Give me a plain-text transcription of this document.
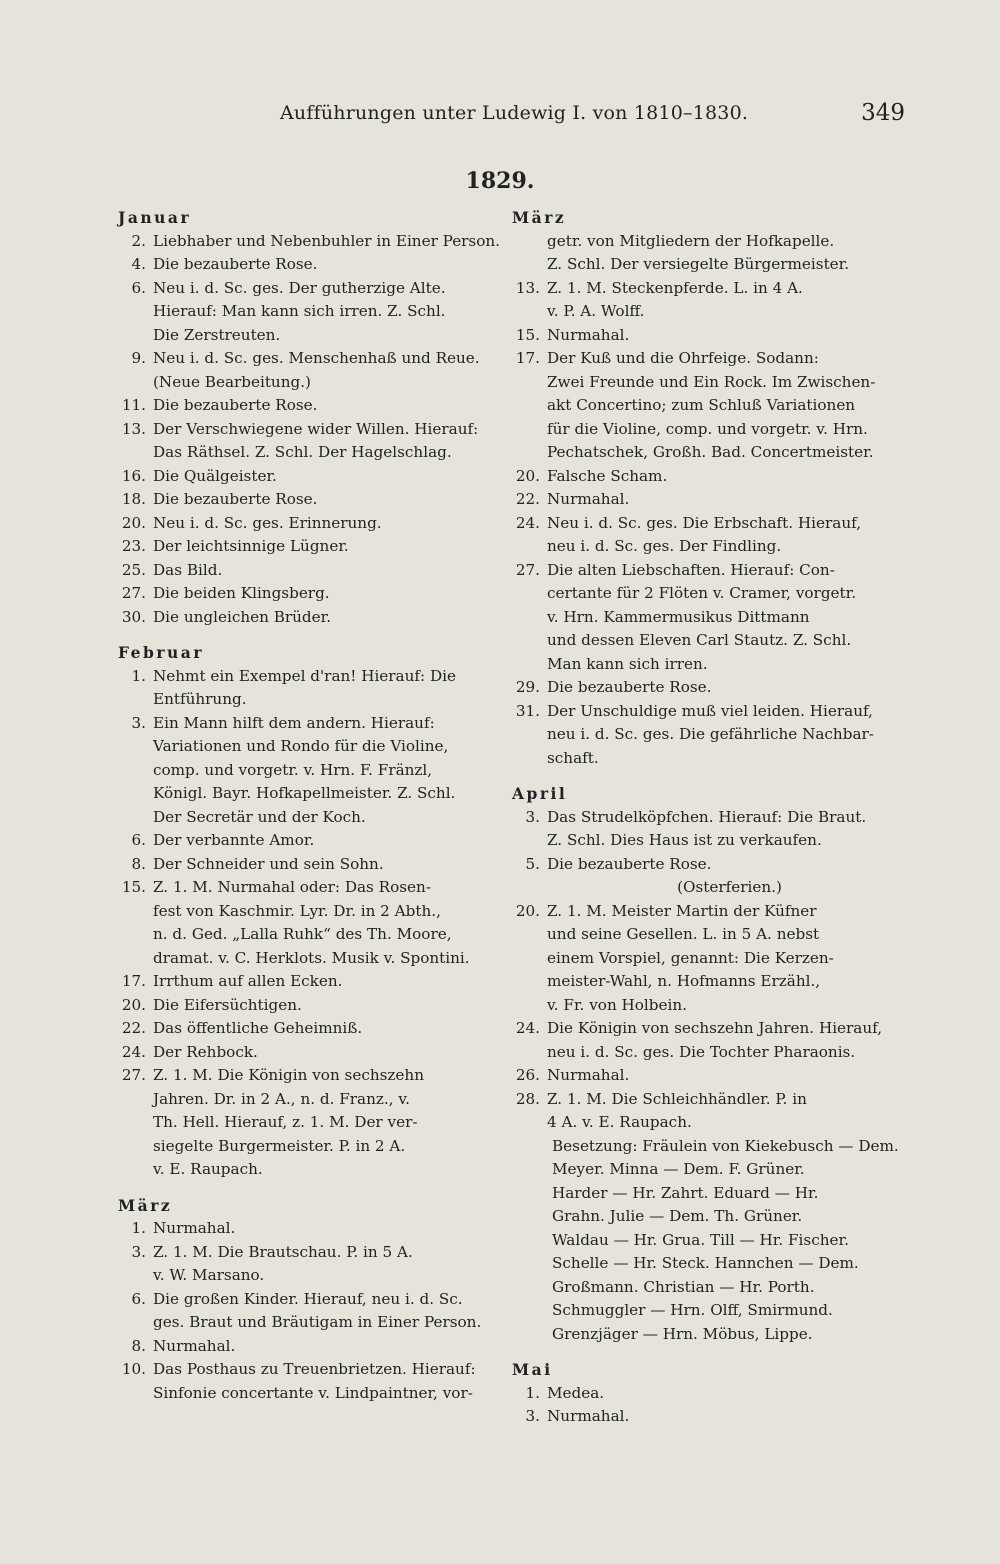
Aufführungen unter Ludewig I. von 1810–1830.	349
1829.
Januar
2. Liebhaber und Nebenbuhler in Einer Person.
4. Die bezauberte Rose.
6. Neu i. d. Sc. ges. Der gutherzige Alte.
Hierauf: Man kann sich irren. Z. Schl.
Die Zerstreuten.
9. Neu i. d. Sc. ges. Menschenhaß und Reue.
(Neue Bearbeitung.)
11. Die bezauberte Rose.
13. Der Verschwiegene wider Willen. Hierauf:
Das Räthsel. Z. Schl. Der Hagelschlag.
16. Die Quälgeister.
18. Die bezauberte Rose.
20. Neu i. d. Sc. ges. Erinnerung.
23. Der leichtsinnige Lügner.
25. Das Bild.
27. Die beiden Klingsberg.
30. Die ungleichen Brüder.
Februar
1. Nehmt ein Exempel d'ran! Hierauf: Die
Entführung.
3. Ein Mann hilft dem andern. Hierauf:
Variationen und Rondo für die Violine,
comp. und vorgetr. v. Hrn. F. Fränzl,
Königl. Bayr. Hofkapellmeister. Z. Schl.
Der Secretär und der Koch.
6. Der verbannte Amor.
8. Der Schneider und sein Sohn.
15. Z. 1. M. Nurmahal oder: Das Rosen-
fest von Kaschmir. Lyr. Dr. in 2 Abth.,
n. d. Ged. „Lalla Ruhk“ des Th. Moore,
dramat. v. C. Herklots. Musik v. Spontini.
17. Irrthum auf allen Ecken.
20. Die Eifersüchtigen.
22. Das öffentliche Geheimniß.
24. Der Rehbock.
27. Z. 1. M. Die Königin von sechszehn
Jahren. Dr. in 2 A., n. d. Franz., v.
Th. Hell. Hierauf, z. 1. M. Der ver-
siegelte Burgermeister. P. in 2 A.
v. E. Raupach.
März
1. Nurmahal.
3. Z. 1. M. Die Brautschau. P. in 5 A.
v. W. Marsano.
6. Die großen Kinder. Hierauf, neu i. d. Sc.
ges. Braut und Bräutigam in Einer Person.
8. Nurmahal.
10. Das Posthaus zu Treuenbrietzen. Hierauf:
Sinfonie concertante v. Lindpaintner, vor-
März
getr. von Mitgliedern der Hofkapelle.
Z. Schl. Der versiegelte Bürgermeister.
13. Z. 1. M. Steckenpferde. L. in 4 A.
v. P. A. Wolff.
15. Nurmahal.
17. Der Kuß und die Ohrfeige. Sodann:
Zwei Freunde und Ein Rock. Im Zwischen-
akt Concertino; zum Schluß Variationen
für die Violine, comp. und vorgetr. v. Hrn.
Pechatschek, Großh. Bad. Concertmeister.
20. Falsche Scham.
22. Nurmahal.
24. Neu i. d. Sc. ges. Die Erbschaft. Hierauf,
neu i. d. Sc. ges. Der Findling.
27. Die alten Liebschaften. Hierauf: Con-
certante für 2 Flöten v. Cramer, vorgetr.
v. Hrn. Kammermusikus Dittmann
und dessen Eleven Carl Stautz. Z. Schl.
Man kann sich irren.
29. Die bezauberte Rose.
31. Der Unschuldige muß viel leiden. Hierauf,
neu i. d. Sc. ges. Die gefährliche Nachbar-
schaft.
April
3. Das Strudelköpfchen. Hierauf: Die Braut.
Z. Schl. Dies Haus ist zu verkaufen.
5. Die bezauberte Rose.
(Osterferien.)
20. Z. 1. M. Meister Martin der Küfner
und seine Gesellen. L. in 5 A. nebst
einem Vorspiel, genannt: Die Kerzen-
meister-Wahl, n. Hofmanns Erzähl.,
v. Fr. von Holbein.
24. Die Königin von sechszehn Jahren. Hierauf,
neu i. d. Sc. ges. Die Tochter Pharaonis.
26. Nurmahal.
28. Z. 1. M. Die Schleichhändler. P. in
4 A. v. E. Raupach.
Besetzung: Fräulein von Kiekebusch — Dem.
Meyer. Minna — Dem. F. Grüner.
Harder — Hr. Zahrt. Eduard — Hr.
Grahn. Julie — Dem. Th. Grüner.
Waldau — Hr. Grua. Till — Hr. Fischer.
Schelle — Hr. Steck. Hannchen — Dem.
Großmann. Christian — Hr. Porth.
Schmuggler — Hrn. Olff, Smirmund.
Grenzjäger — Hrn. Möbus, Lippe.
Mai
1. Medea.
3. Nurmahal.
